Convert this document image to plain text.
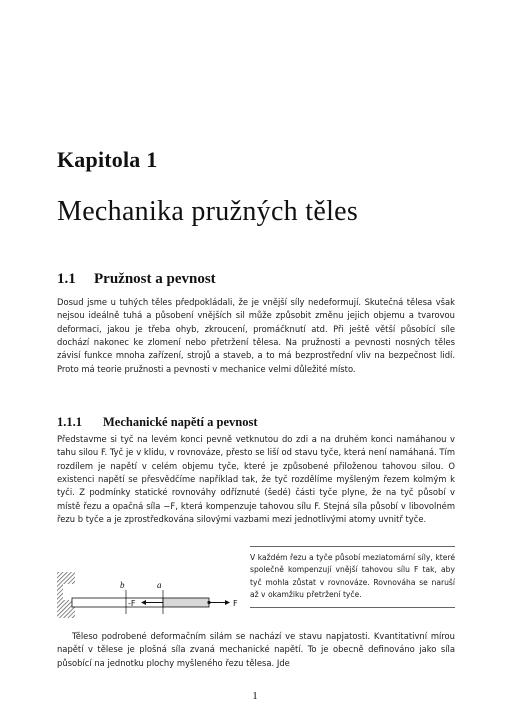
Kapitola 1
Mechanika pružných těles
1.1 Pružnost a pevnost

Dosud jsme u tuhých těles předpokládali, že je vnější síly nedeformují. Skutečná tělesa však nejsou ideálně tuhá a působení vnějších sil může způsobit změnu jejich objemu a tvarovou deformaci, jakou je třeba ohyb, zkroucení, promáčknutí atd. Při ještě větší působící síle dochází nakonec ke zlomení nebo přetržení tělesa. Na pružnosti a pevnosti nosných těles závisí funkce mnoha zařízení, strojů a staveb, a to má bezprostřední vliv na bezpečnost lidí. Proto má teorie pružnosti a pevnosti v mechanice velmi důležité místo.

1.1.1 Mechanické napětí a pevnost

Představme si tyč na levém konci pevně vetknutou do zdi a na druhém konci namáhanou v tahu silou F. Tyč je v klidu, v rovnováze, přesto se liší od stavu tyče, která není namáhaná. Tím rozdílem je napětí v celém objemu tyče, které je způsobené přiloženou tahovou silou. O existenci napětí se přesvědčíme například tak, že tyč rozdělíme myšleným řezem kolmým k tyči. Z podmínky statické rovnováhy odříznuté (šedé) části tyče plyne, že na tyč působí v místě řezu a opačná síla −F, která kompenzuje tahovou sílu F. Stejná síla působí v libovolném řezu b tyče a je zprostředkována silovými vazbami mezi jednotlivými atomy uvnitř tyče.

b	a
-F	F
V každém řezu a tyče působí meziatomární síly, které společně kompenzují vnější tahovou sílu F tak, aby tyč mohla zůstat v rovnováze. Rovnováha se naruší až v okamžiku přetržení tyče.

Těleso podrobené deformačním silám se nachází ve stavu napjatosti. Kvantitativní mírou napětí v tělese je plošná síla zvaná mechanické napětí. To je obecně definováno jako síla působící na jednotku plochy myšleného řezu tělesa. Jde

1
